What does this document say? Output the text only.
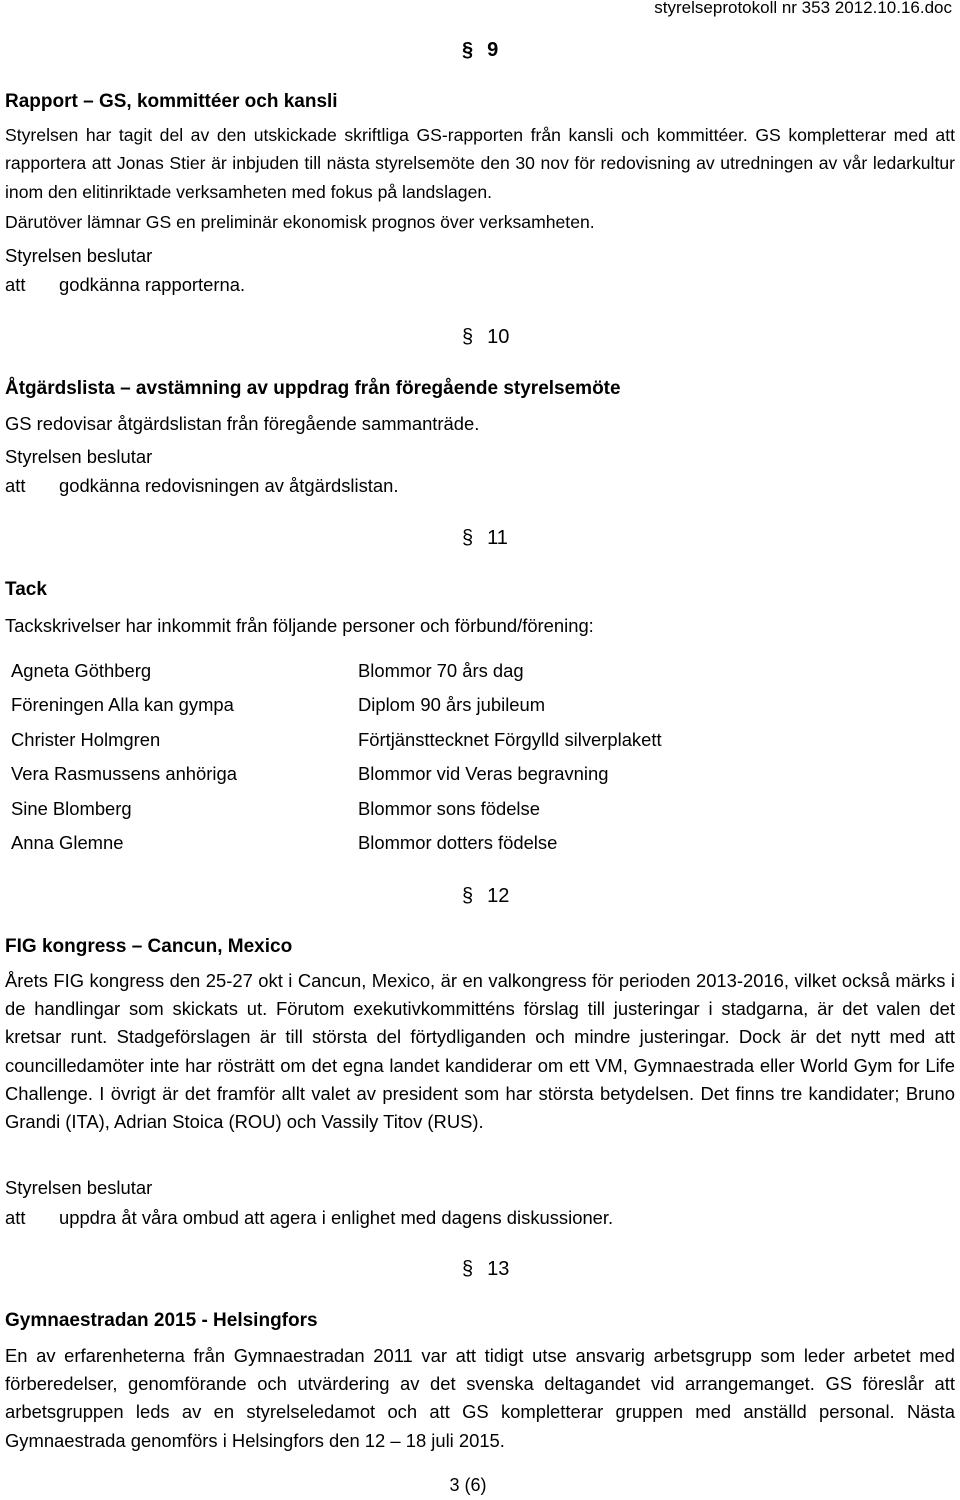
styrelseprotokoll nr 353 2012.10.16.doc
§ 9
Rapport – GS, kommittéer och kansli

Styrelsen har tagit del av den utskickade skriftliga GS-rapporten från kansli och kommittéer. GS kompletterar med att rapportera att Jonas Stier är inbjuden till nästa styrelsemöte den 30 nov för redovisning av utredningen av vår ledarkultur inom den elitinriktade verksamheten med fokus på landslagen.

Därutöver lämnar GS en preliminär ekonomisk prognos över verksamheten.
Styrelsen beslutar
att godkänna rapporterna.
§ 10
Åtgärdslista – avstämning av uppdrag från föregående styrelsemöte
GS redovisar åtgärdslistan från föregående sammanträde.
Styrelsen beslutar
att godkänna redovisningen av åtgärdslistan.
§ 11
Tack
Tackskrivelser har inkommit från följande personer och förbund/förening:
Agneta Göthberg
Föreningen Alla kan gympa
Christer Holmgren
Vera Rasmussens anhöriga
Sine Blomberg
Anna Glemne
Blommor 70 års dag
Diplom 90 års jubileum
Förtjänsttecknet Förgylld silverplakett
Blommor vid Veras begravning
Blommor sons födelse
Blommor dotters födelse
§ 12
FIG kongress – Cancun, Mexico

Årets FIG kongress den 25-27 okt i Cancun, Mexico, är en valkongress för perioden 2013-2016, vilket också märks i de handlingar som skickats ut. Förutom exekutivkommitténs förslag till justeringar i stadgarna, är det valen det kretsar runt. Stadgeförslagen är till största del förtydliganden och mindre justeringar. Dock är det nytt med att councilledamöter inte har rösträtt om det egna landet kandiderar om ett VM, Gymnaestrada eller World Gym for Life Challenge. I övrigt är det framför allt valet av president som har största betydelsen. Det finns tre kandidater; Bruno Grandi (ITA), Adrian Stoica (ROU) och Vassily Titov (RUS).

Styrelsen beslutar
att uppdra åt våra ombud att agera i enlighet med dagens diskussioner.
§ 13
Gymnaestradan 2015 - Helsingfors

En av erfarenheterna från Gymnaestradan 2011 var att tidigt utse ansvarig arbetsgrupp som leder arbetet med förberedelser, genomförande och utvärdering av det svenska deltagandet vid arrangemanget. GS föreslår att arbetsgruppen leds av en styrelseledamot och att GS kompletterar gruppen med anställd personal. Nästa Gymnaestrada genomförs i Helsingfors den 12 – 18 juli 2015.

3 (6)
